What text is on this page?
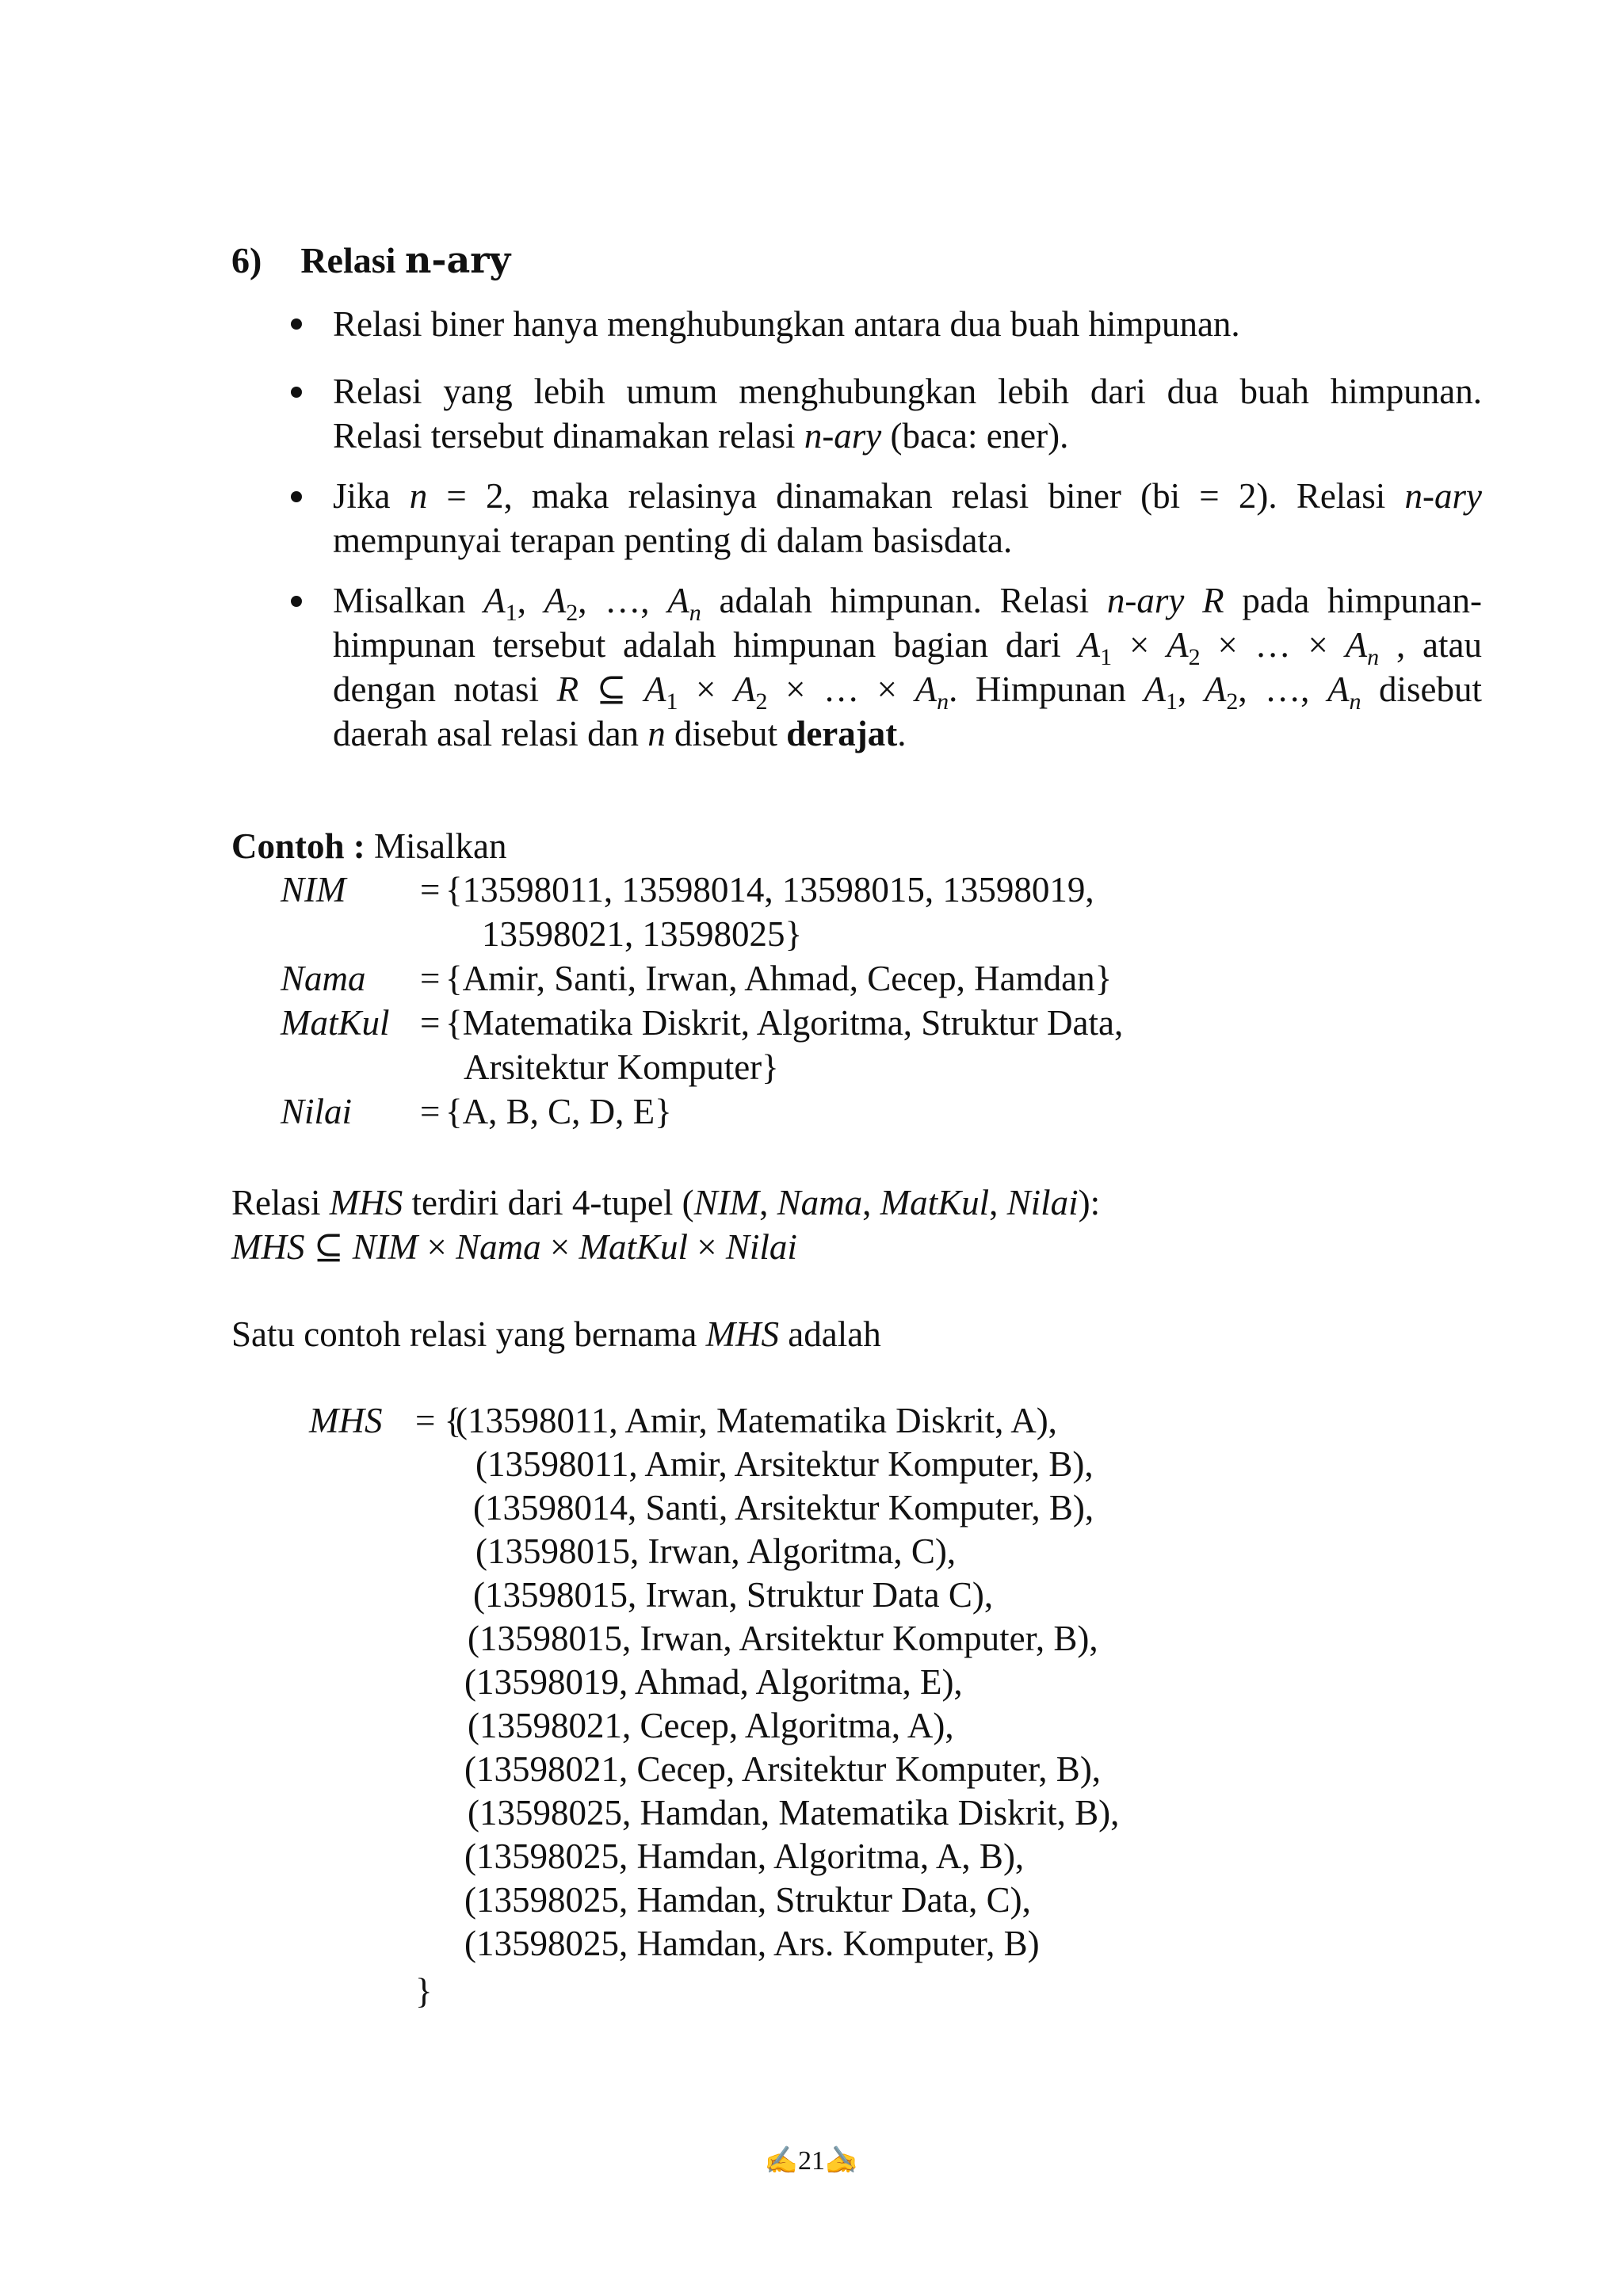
6) Relasi n-ary
Relasi biner hanya menghubungkan antara dua buah himpunan.
Relasi yang lebih umum menghubungkan lebih dari dua buah himpunan.
Relasi tersebut dinamakan relasi n-ary (baca: ener).
Jika n = 2, maka relasinya dinamakan relasi biner (bi = 2). Relasi n-ary
mempunyai terapan penting di dalam basisdata.
Misalkan $A_1$, $A_2$, …, $A_n$ adalah himpunan. Relasi n-ary R pada himpunan-
himpunan tersebut adalah himpunan bagian dari $A_1 \times A_2$ × … × $A_n$ , atau
dengan notasi R ⊆ $A_1 \times A_2$ × … × $A_n$. Himpunan $A_1$, $A_2$, …, $A_n$ disebut
daerah asal relasi dan n disebut derajat.
Contoh : Misalkan
NIM = {13598011, 13598014, 13598015, 13598019,
13598021, 13598025}
Nama = {Amir, Santi, Irwan, Ahmad, Cecep, Hamdan}
MatKul = {Matematika Diskrit, Algoritma, Struktur Data,
Arsitektur Komputer}
Nilai = {A, B, C, D, E}
Relasi MHS terdiri dari 4-tupel (NIM, Nama, MatKul, Nilai):
MHS ⊆ NIM × Nama × MatKul × Nilai
Satu contoh relasi yang bernama MHS adalah
MHS = {
(13598011, Amir, Matematika Diskrit, A),
(13598011, Amir, Arsitektur Komputer, B),
(13598014, Santi, Arsitektur Komputer, B),
(13598015, Irwan, Algoritma, C),
(13598015, Irwan, Struktur Data C),
(13598015, Irwan, Arsitektur Komputer, B),
(13598019, Ahmad, Algoritma, E),
(13598021, Cecep, Algoritma, A),
(13598021, Cecep, Arsitektur Komputer, B),
(13598025, Hamdan, Matematika Diskrit, B),
(13598025, Hamdan, Algoritma, A, B),
(13598025, Hamdan, Struktur Data, C),
(13598025, Hamdan, Ars. Komputer, B)
}
✍21✍
